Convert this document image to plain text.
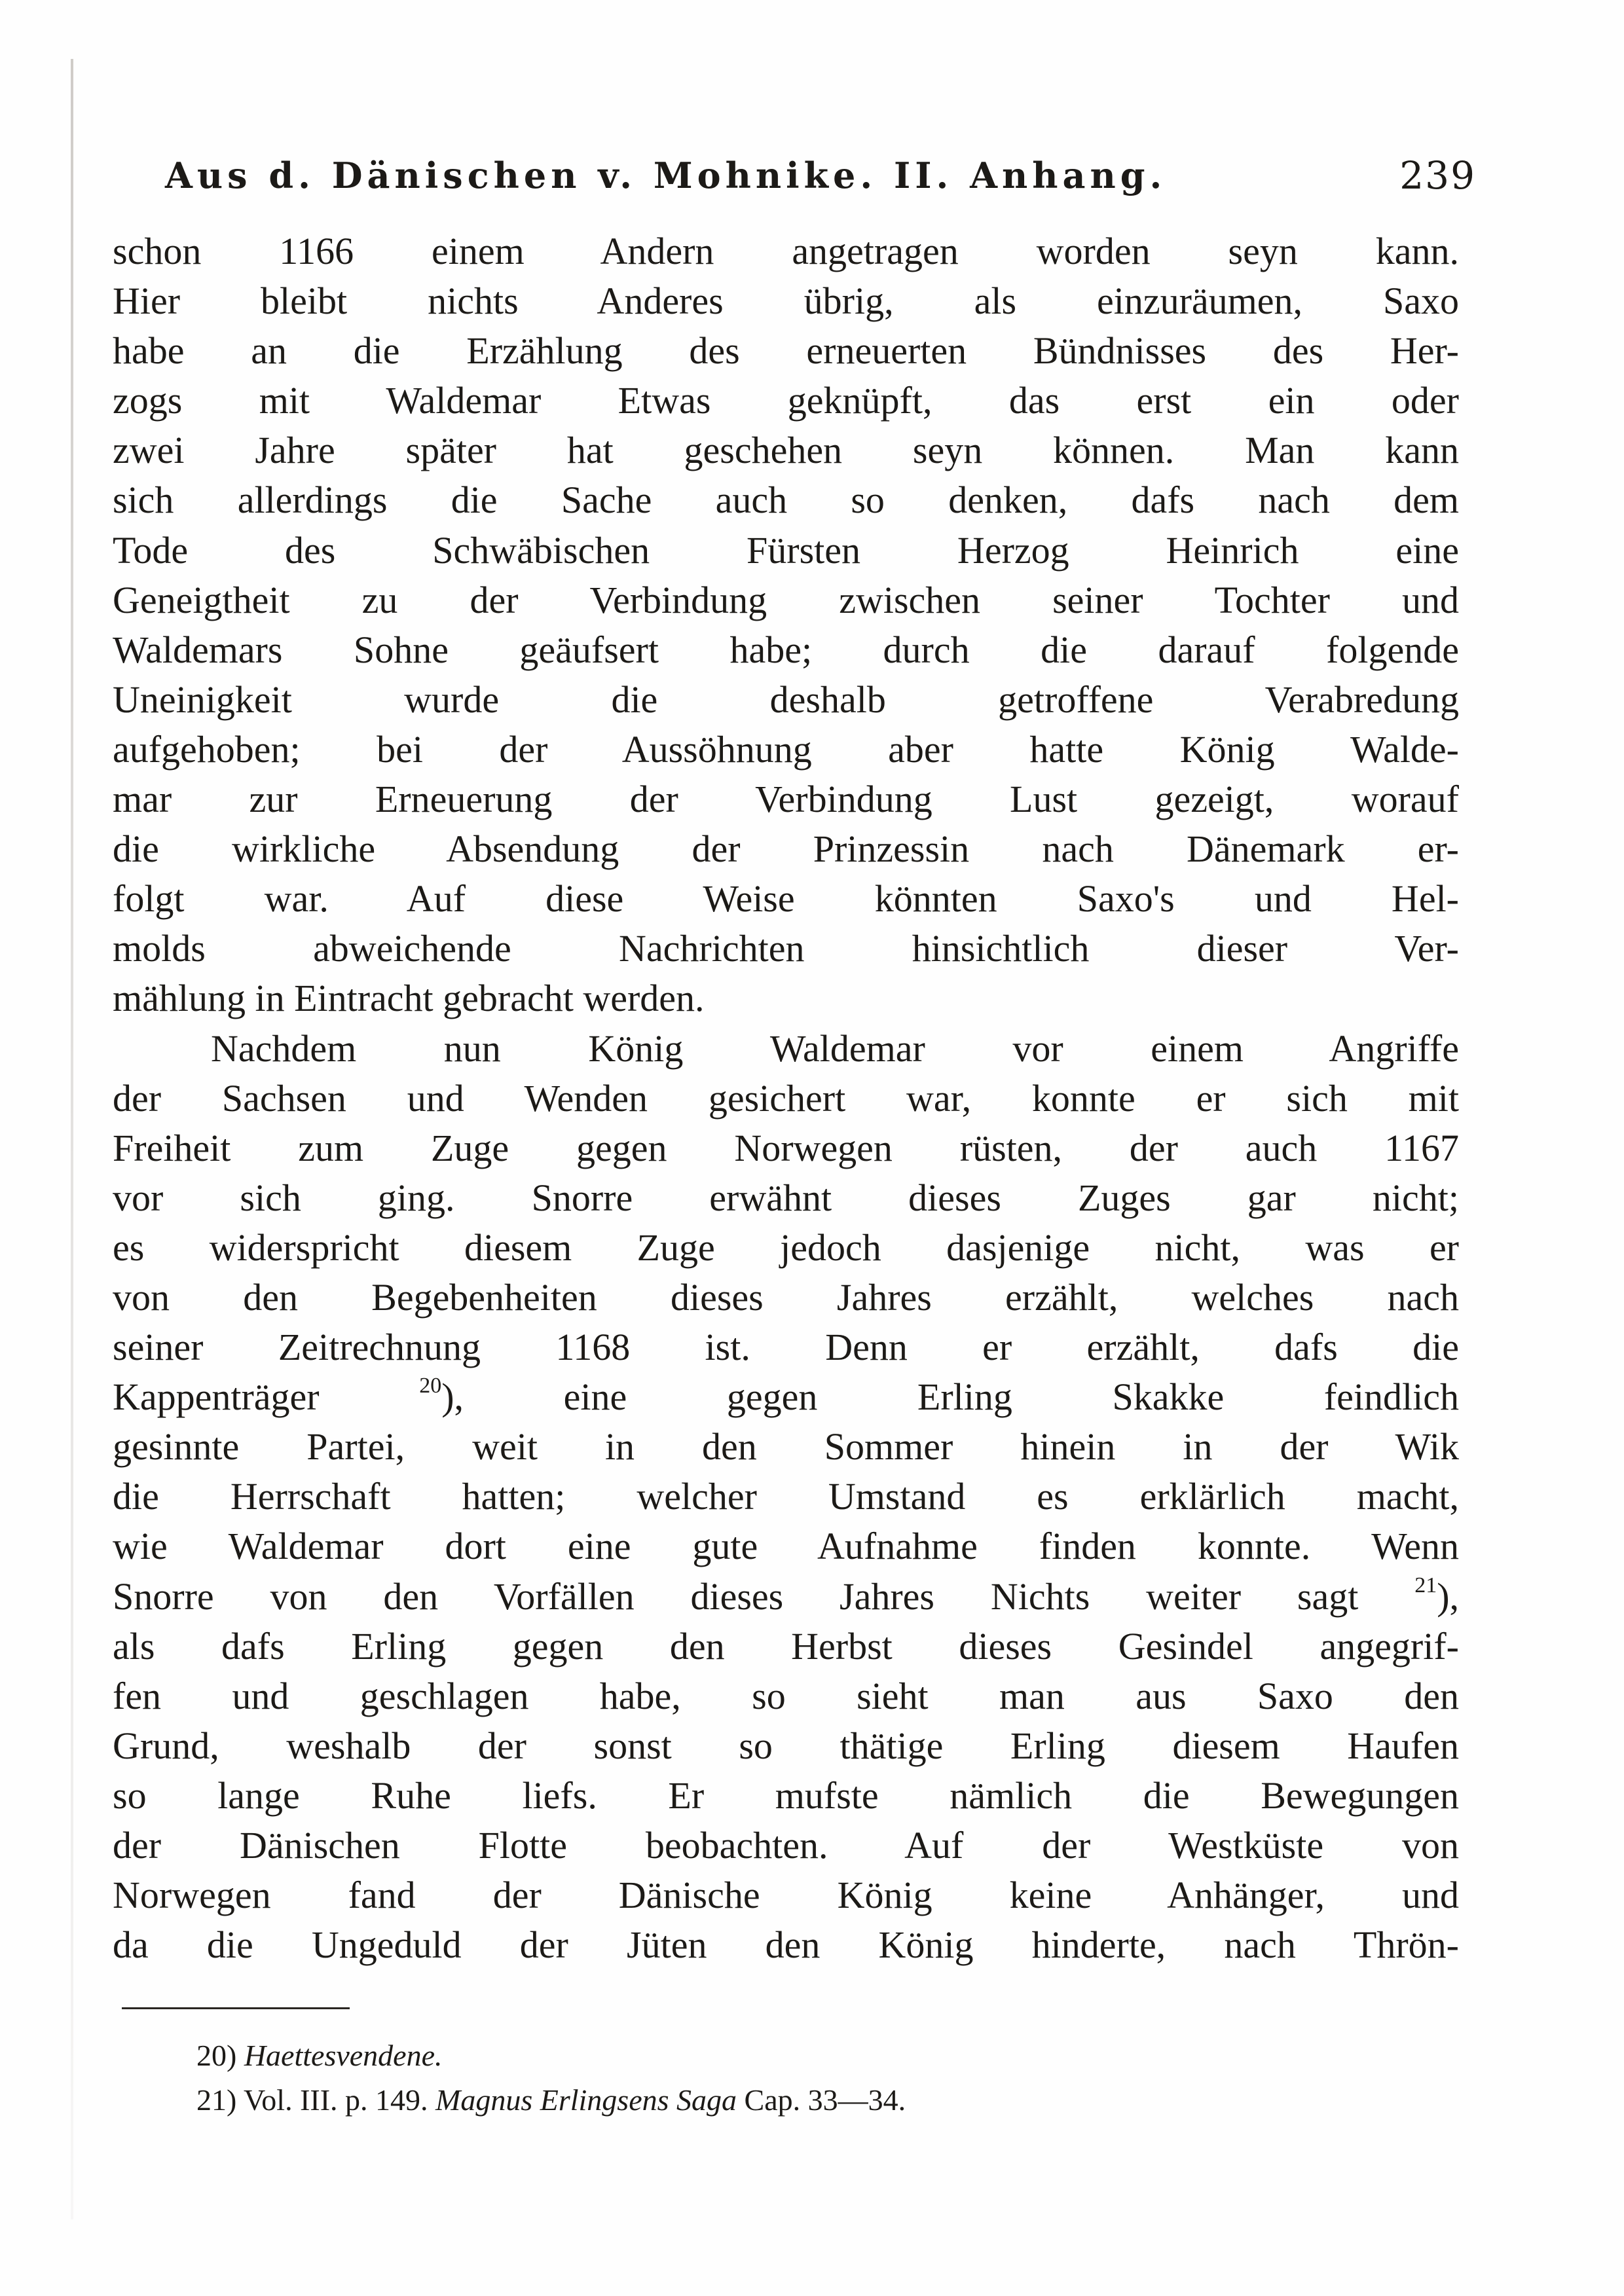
Aus d. Dänischen v. Mohnike. II. Anhang.	239
schon 1166 einem Andern angetragen worden seyn kann.
Hier bleibt nichts Anderes übrig, als einzuräumen, Saxo
habe an die Erzählung des erneuerten Bündnisses des Her-
zogs mit Waldemar Etwas geknüpft, das erst ein oder
zwei Jahre später hat geschehen seyn können. Man kann
sich allerdings die Sache auch so denken, dafs nach dem
Tode des Schwäbischen Fürsten Herzog Heinrich eine
Geneigtheit zu der Verbindung zwischen seiner Tochter und
Waldemars Sohne geäufsert habe; durch die darauf folgende
Uneinigkeit wurde die deshalb getroffene Verabredung
aufgehoben; bei der Aussöhnung aber hatte König Walde-
mar zur Erneuerung der Verbindung Lust gezeigt, worauf
die wirkliche Absendung der Prinzessin nach Dänemark er-
folgt war. Auf diese Weise könnten Saxo's und Hel-
molds abweichende Nachrichten hinsichtlich dieser Ver-
mählung in Eintracht gebracht werden.
Nachdem nun König Waldemar vor einem Angriffe
der Sachsen und Wenden gesichert war, konnte er sich mit
Freiheit zum Zuge gegen Norwegen rüsten, der auch 1167
vor sich ging. Snorre erwähnt dieses Zuges gar nicht;
es widerspricht diesem Zuge jedoch dasjenige nicht, was er
von den Begebenheiten dieses Jahres erzählt, welches nach
seiner Zeitrechnung 1168 ist. Denn er erzählt, dafs die
Kappenträger	$^{20}$), eine gegen Erling Skakke feindlich
gesinnte Partei, weit in den Sommer hinein in der Wik
die Herrschaft hatten; welcher Umstand es erklärlich macht,
wie Waldemar dort eine gute Aufnahme finden konnte. Wenn
Snorre von den Vorfällen dieses Jahres Nichts weiter sagt	$^{21}$),
als dafs Erling gegen den Herbst dieses Gesindel angegrif-
fen und geschlagen habe, so sieht man aus Saxo den
Grund, weshalb der sonst so thätige Erling diesem Haufen
so lange Ruhe liefs. Er mufste nämlich die Bewegungen
der Dänischen Flotte beobachten. Auf der Westküste von
Norwegen fand der Dänische König keine Anhänger, und
da die Ungeduld der Jüten den König hinderte, nach Thrön-
20) Haettesvendene.
21) Vol. III. p. 149. Magnus Erlingsens Saga Cap. 33—34.
